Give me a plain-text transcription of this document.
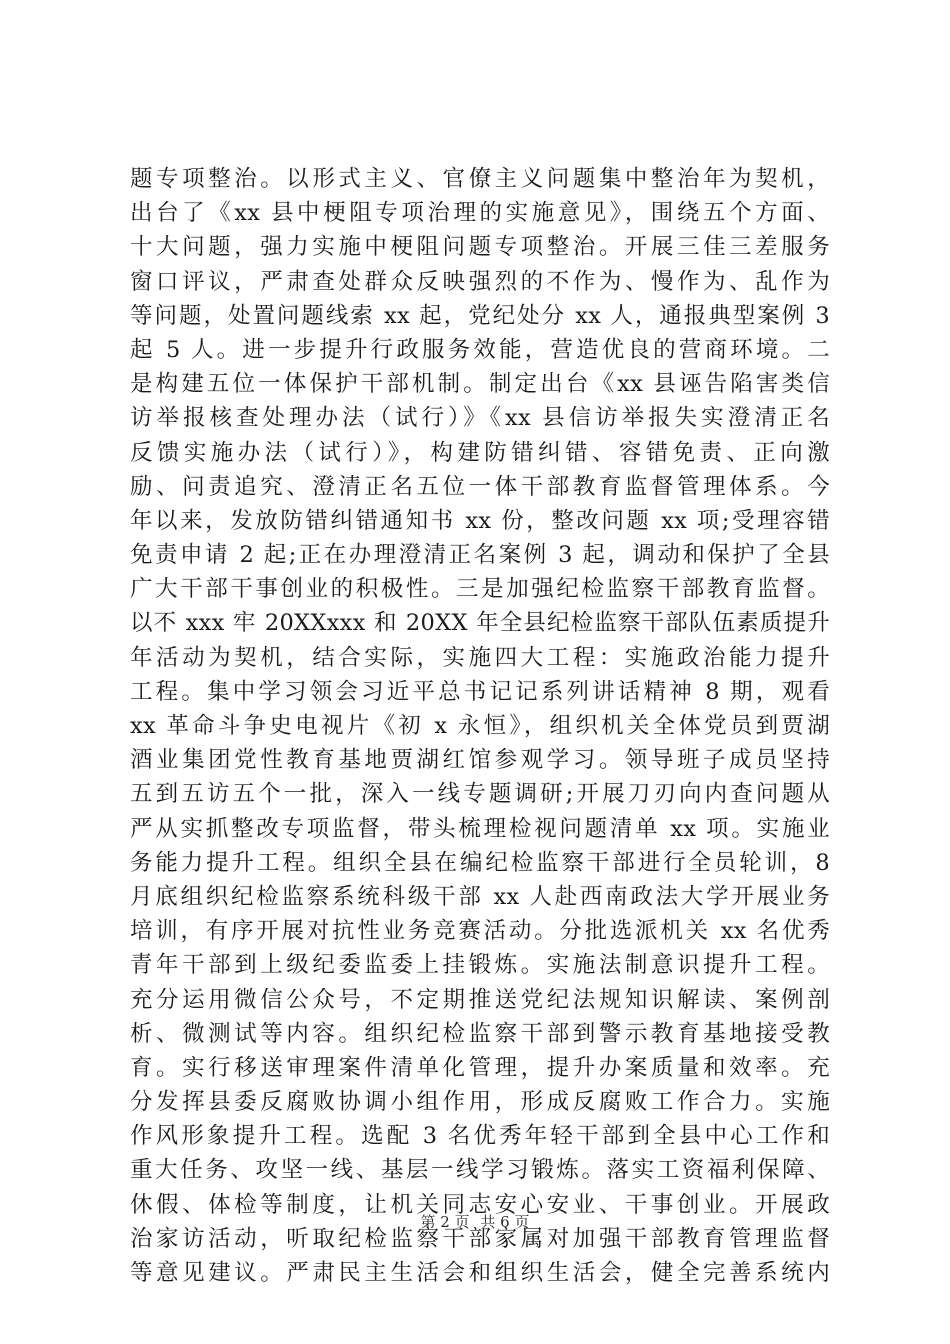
题专项整治。以形式主义、官僚主义问题集中整治年为契机，
出台了《xx 县中梗阻专项治理的实施意见》，围绕五个方面、
十大问题，强力实施中梗阻问题专项整治。开展三佳三差服务
窗口评议，严肃查处群众反映强烈的不作为、慢作为、乱作为
等问题，处置问题线索 xx 起，党纪处分 xx 人，通报典型案例 3
起 5 人。进一步提升行政服务效能，营造优良的营商环境。二
是构建五位一体保护干部机制。制定出台《xx 县诬告陷害类信
访举报核查处理办法（试行）》《xx 县信访举报失实澄清正名
反馈实施办法（试行）》，构建防错纠错、容错免责、正向激
励、问责追究、澄清正名五位一体干部教育监督管理体系。今
年以来，发放防错纠错通知书 xx 份，整改问题 xx 项;受理容错
免责申请 2 起;正在办理澄清正名案例 3 起，调动和保护了全县
广大干部干事创业的积极性。三是加强纪检监察干部教育监督。
以不 xxx 牢 20XXxxx 和 20XX 年全县纪检监察干部队伍素质提升
年活动为契机，结合实际，实施四大工程：实施政治能力提升
工程。集中学习领会习近平总书记记系列讲话精神 8 期，观看
xx 革命斗争史电视片《初 x 永恒》，组织机关全体党员到贾湖
酒业集团党性教育基地贾湖红馆参观学习。领导班子成员坚持
五到五访五个一批，深入一线专题调研;开展刀刃向内查问题从
严从实抓整改专项监督，带头梳理检视问题清单 xx 项。实施业
务能力提升工程。组织全县在编纪检监察干部进行全员轮训，8
月底组织纪检监察系统科级干部 xx 人赴西南政法大学开展业务
培训，有序开展对抗性业务竞赛活动。分批选派机关 xx 名优秀
青年干部到上级纪委监委上挂锻炼。实施法制意识提升工程。
充分运用微信公众号，不定期推送党纪法规知识解读、案例剖
析、微测试等内容。组织纪检监察干部到警示教育基地接受教
育。实行移送审理案件清单化管理，提升办案质量和效率。充
分发挥县委反腐败协调小组作用，形成反腐败工作合力。实施
作风形象提升工程。选配 3 名优秀年轻干部到全县中心工作和
重大任务、攻坚一线、基层一线学习锻炼。落实工资福利保障、
休假、体检等制度，让机关同志安心安业、干事创业。开展政
治家访活动，听取纪检监察干部家属对加强干部教育管理监督
等意见建议。严肃民主生活会和组织生活会，健全完善系统内
第 2 页 共 6 页
